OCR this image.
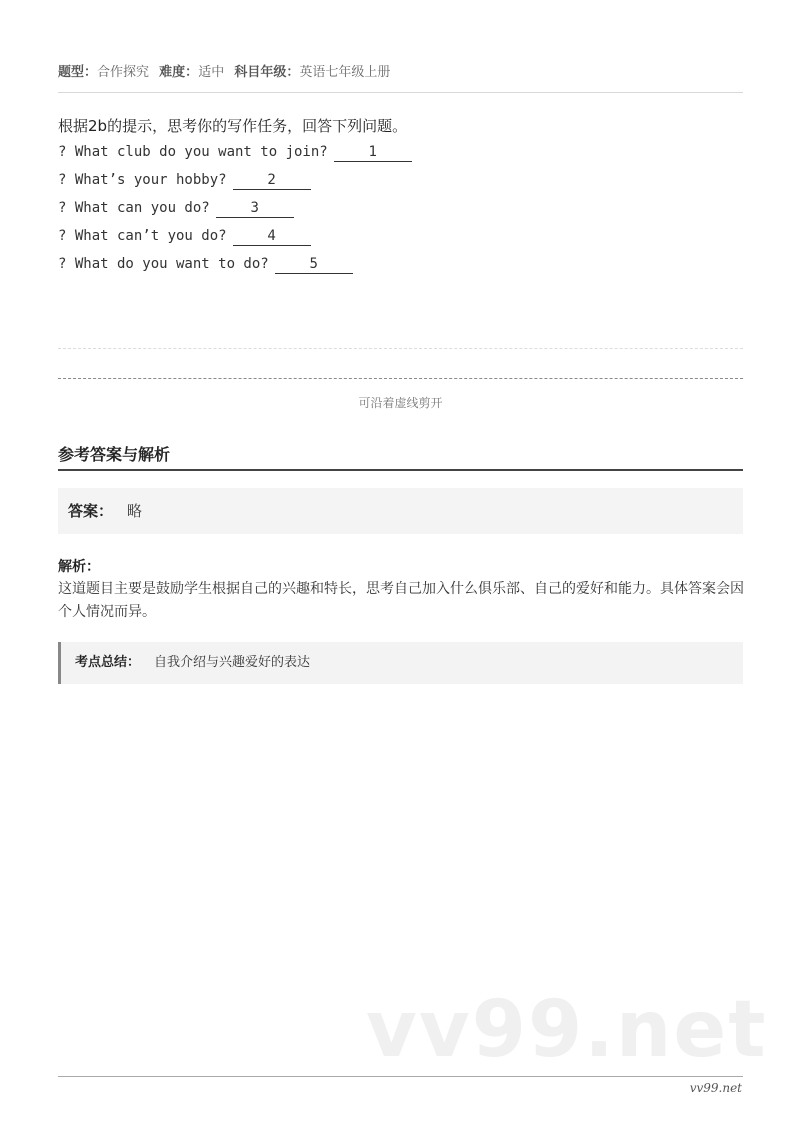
题型：合作探究 难度：适中 科目年级：英语七年级上册
根据2b的提示，思考你的写作任务，回答下列问题。
? What club do you want to join?	1
? What’s your hobby?	2
? What can you do?	3
? What can’t you do?	4
? What do you want to do?	5
可沿着虚线剪开
参考答案与解析
答案： 略
解析：
这道题目主要是鼓励学生根据自己的兴趣和特长，思考自己加入什么俱乐部、自己的爱好和能力。具体答案会因个人情况而异。
考点总结： 自我介绍与兴趣爱好的表达
vv99.net
vv99.net
